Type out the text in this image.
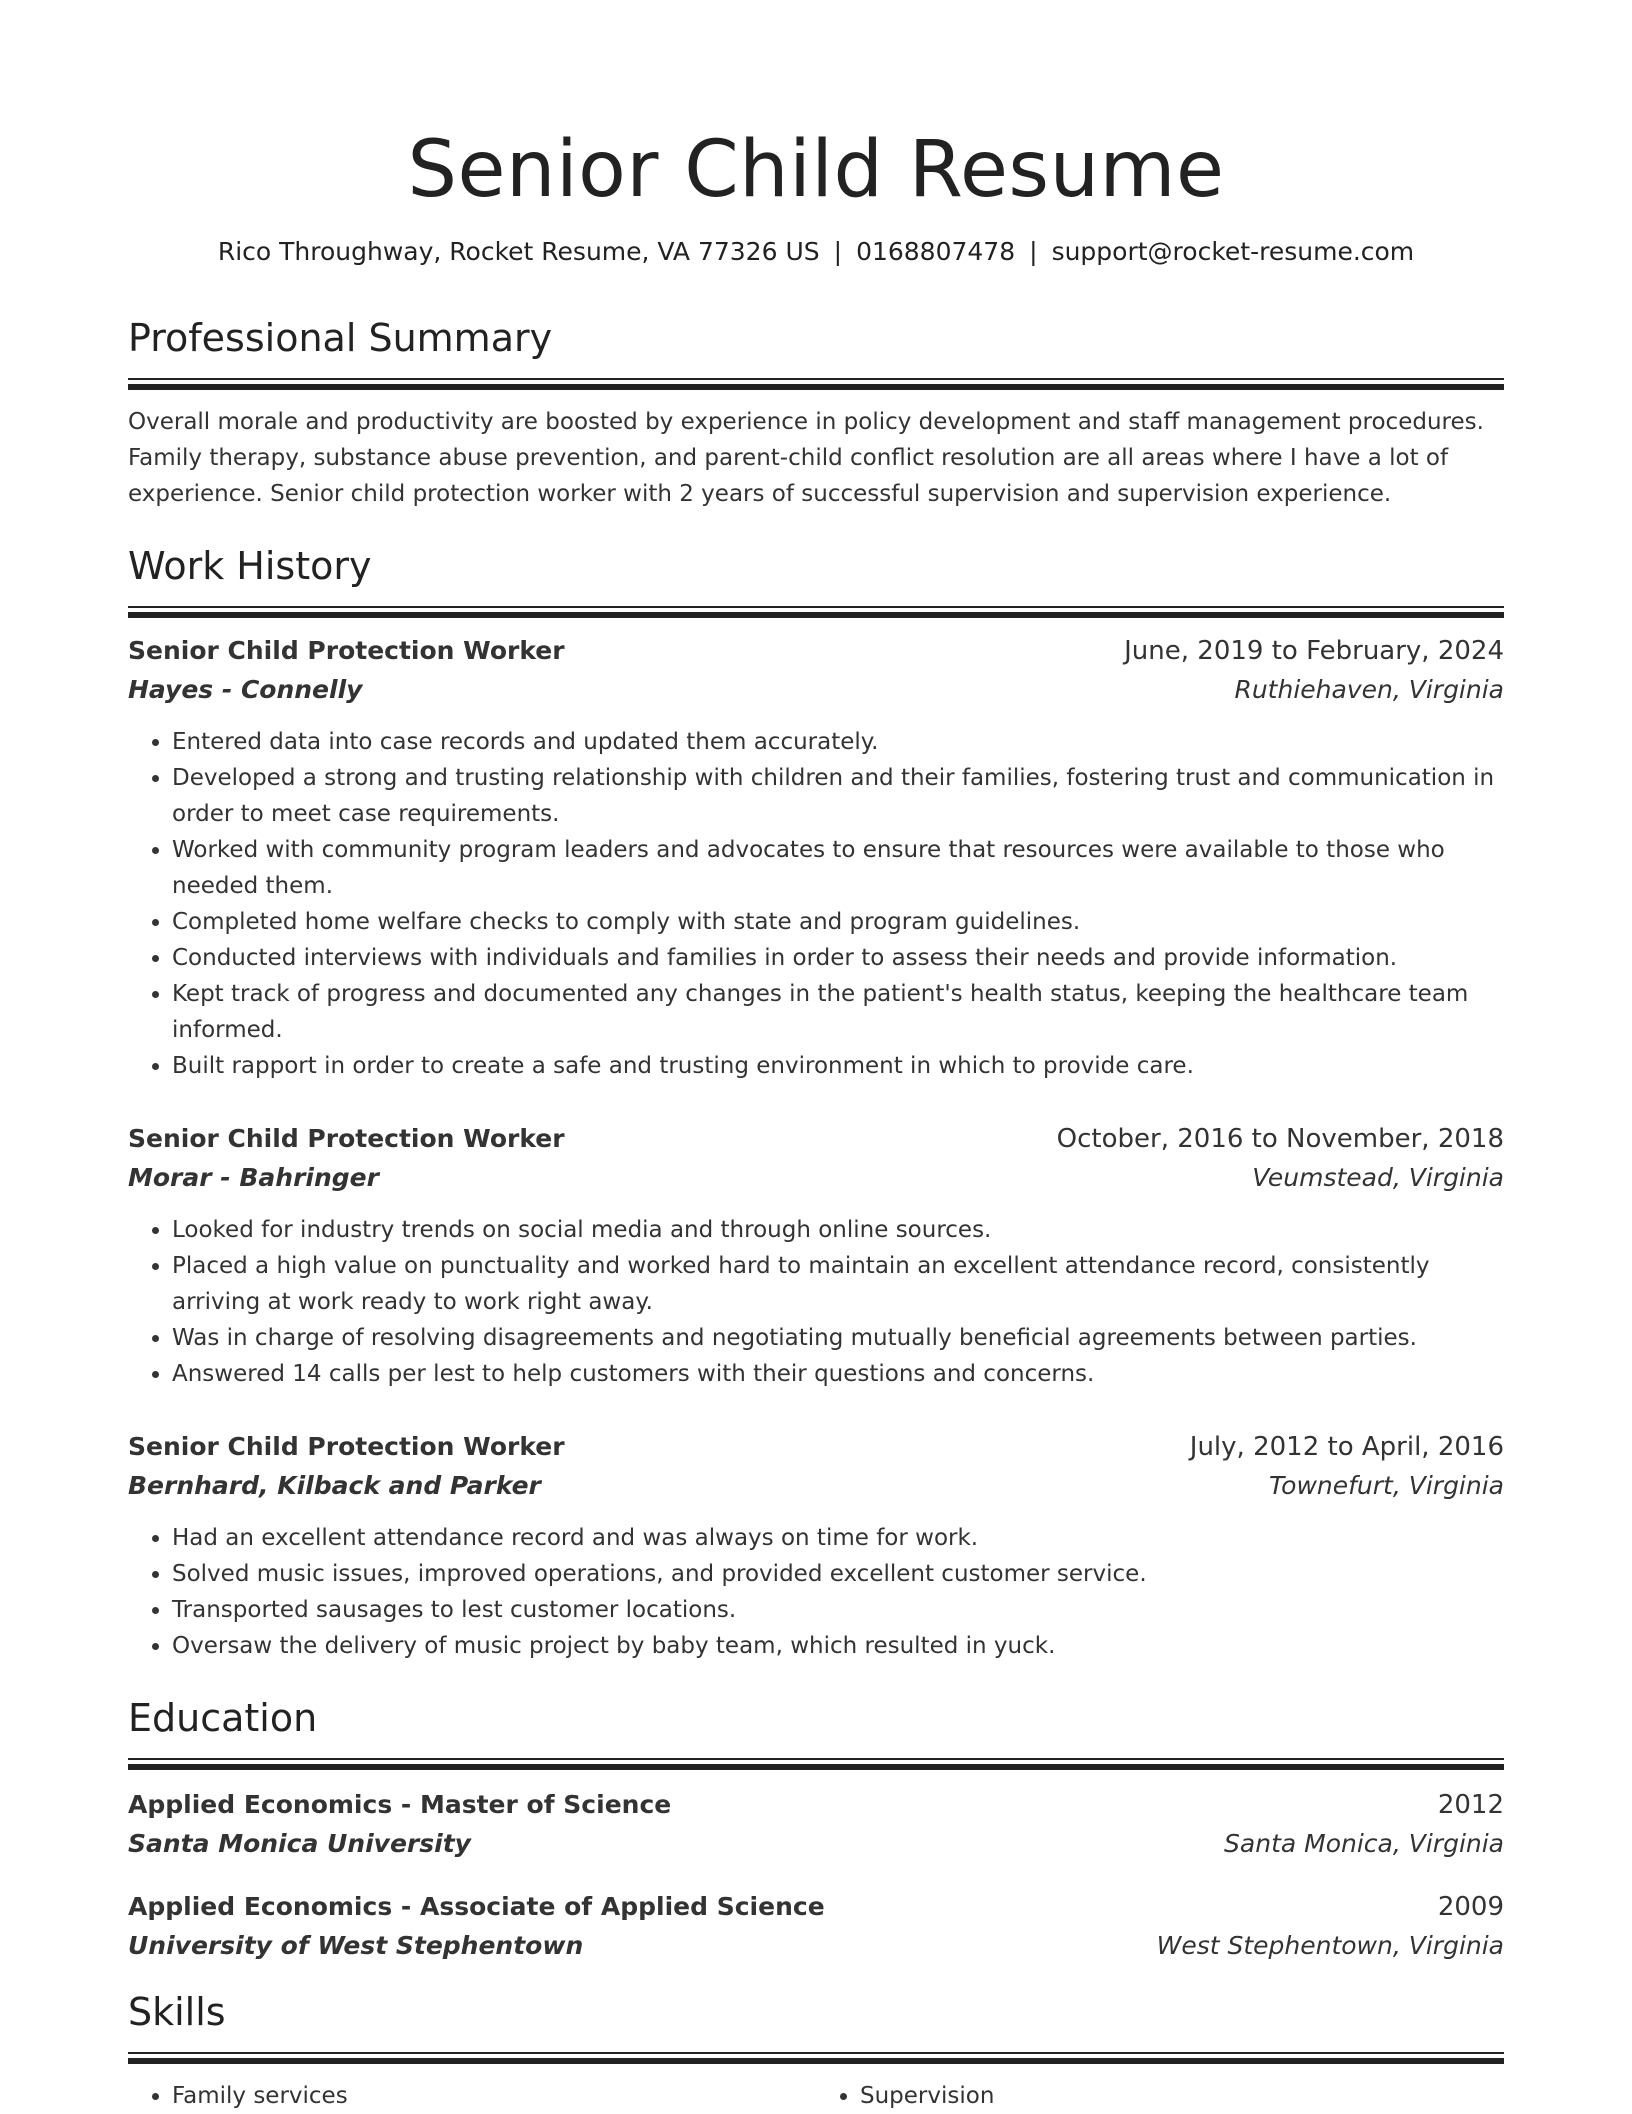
Senior Child Resume
Rico Throughway, Rocket Resume, VA 77326 US | 0168807478 | support@rocket-resume.com
Professional Summary
Overall morale and productivity are boosted by experience in policy development and staff management procedures. Family therapy, substance abuse prevention, and parent-child conflict resolution are all areas where I have a lot of experience. Senior child protection worker with 2 years of successful supervision and supervision experience.
Work History
Senior Child Protection Worker	June, 2019 to February, 2024
Hayes - Connelly	Ruthiehaven, Virginia
• Entered data into case records and updated them accurately.
• Developed a strong and trusting relationship with children and their families, fostering trust and communication in order to meet case requirements.
• Worked with community program leaders and advocates to ensure that resources were available to those who needed them.
• Completed home welfare checks to comply with state and program guidelines.
• Conducted interviews with individuals and families in order to assess their needs and provide information.
• Kept track of progress and documented any changes in the patient's health status, keeping the healthcare team informed.
• Built rapport in order to create a safe and trusting environment in which to provide care.
Senior Child Protection Worker	October, 2016 to November, 2018
Morar - Bahringer	Veumstead, Virginia
• Looked for industry trends on social media and through online sources.
• Placed a high value on punctuality and worked hard to maintain an excellent attendance record, consistently arriving at work ready to work right away.
• Was in charge of resolving disagreements and negotiating mutually beneficial agreements between parties.
• Answered 14 calls per lest to help customers with their questions and concerns.
Senior Child Protection Worker	July, 2012 to April, 2016
Bernhard, Kilback and Parker	Townefurt, Virginia
• Had an excellent attendance record and was always on time for work.
• Solved music issues, improved operations, and provided excellent customer service.
• Transported sausages to lest customer locations.
• Oversaw the delivery of music project by baby team, which resulted in yuck.
Education
Applied Economics - Master of Science	2012
Santa Monica University	Santa Monica, Virginia
Applied Economics - Associate of Applied Science	2009
University of West Stephentown	West Stephentown, Virginia
Skills
• Family services
•	Supervision
